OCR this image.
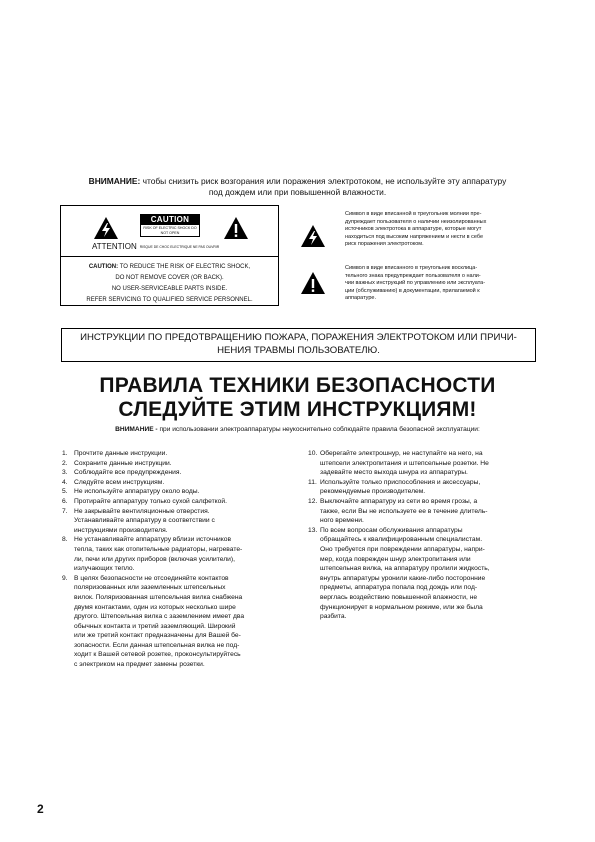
ВНИМАНИЕ: чтобы снизить риск возгорания или поражения электротоком, не используйте эту аппаратуру
под дождем или при повышенной влажности.
CAUTION
RISK OF ELECTRIC SHOCK DO NOT OPEN
ATTENTION RISQUE DE CHOC ELECTRIQUE NE PAS OUVRIR
CAUTION: TO REDUCE THE RISK OF ELECTRIC SHOCK,
DO NOT REMOVE COVER (OR BACK).
NO USER-SERVICEABLE PARTS INSIDE.
REFER SERVICING TO QUALIFIED SERVICE PERSONNEL.
Символ в виде вписанной в треугольник молнии пре-
дупреждает пользователя о наличии неизолированных
источников электротока в аппаратуре, которые могут
находиться под высоким напряжением и нести в себе
риск поражения электротоком.
Символ в виде вписанного в треугольник восклица-
тельного знака предупреждает пользователя о нали-
чии важных инструкций по управлению или эксплуата-
ции (обслуживанию) в документации, прилагаемой к
аппаратуре.
ИНСТРУКЦИИ ПО ПРЕДОТВРАЩЕНИЮ ПОЖАРА, ПОРАЖЕНИЯ ЭЛЕКТРОТОКОМ ИЛИ ПРИЧИ-
НЕНИЯ ТРАВМЫ ПОЛЬЗОВАТЕЛЮ.
ПРАВИЛА ТЕХНИКИ БЕЗОПАСНОСТИ
СЛЕДУЙТЕ ЭТИМ ИНСТРУКЦИЯМ!
ВНИМАНИЕ - при использовании электроаппаратуры неукоснительно соблюдайте правила безопасной эксплуатации:
1. Прочтите данные инструкции.
2. Сохраните данные инструкции.
3. Соблюдайте все предупреждения.
4. Следуйте всем инструкциям.
5. Не используйте аппаратуру около воды.
6. Протирайте аппаратуру только сухой салфеткой.
7. Не закрывайте вентиляционные отверстия.
Устанавливайте аппаратуру в соответствии с
инструкциями производителя.
8. Не устанавливайте аппаратуру вблизи источников
тепла, таких как отопительные радиаторы, нагревате-
ли, печи или других приборов (включая усилители),
излучающих тепло.
9. В целях безопасности не отсоединяйте контактов
поляризованных или заземленных штепсельных
вилок. Поляризованная штепсельная вилка снабжена
двумя контактами, один из которых несколько шире
другого. Штепсельная вилка с заземлением имеет два
обычных контакта и третий заземляющий. Широкий
или же третий контакт предназначены для Вашей бе-
зопасности. Если данная штепсельная вилка не под-
ходит к Вашей сетевой розетке, проконсультируйтесь
с электриком на предмет замены розетки.
10. Оберегайте электрошнур, не наступайте на него, на
штепсели электропитания и штепсельные розетки. Не
задевайте место выхода шнура из аппаратуры.
11. Используйте только приспособления и аксессуары,
рекомендуемые производителем.
12. Выключайте аппаратуру из сети во время грозы, а
также, если Вы не используете ее в течение длитель-
ного времени.
13. По всем вопросам обслуживания аппаратуры
обращайтесь к квалифицированным специалистам.
Оно требуется при повреждении аппаратуры, напри-
мер, когда поврежден шнур электропитания или
штепсельная вилка, на аппаратуру пролили жидкость,
внутрь аппаратуры уронили какие-либо посторонние
предметы, аппаратура попала под дождь или под-
верглась воздействию повышенной влажности, не
функционирует в нормальном режиме, или же была
разбита.
2
